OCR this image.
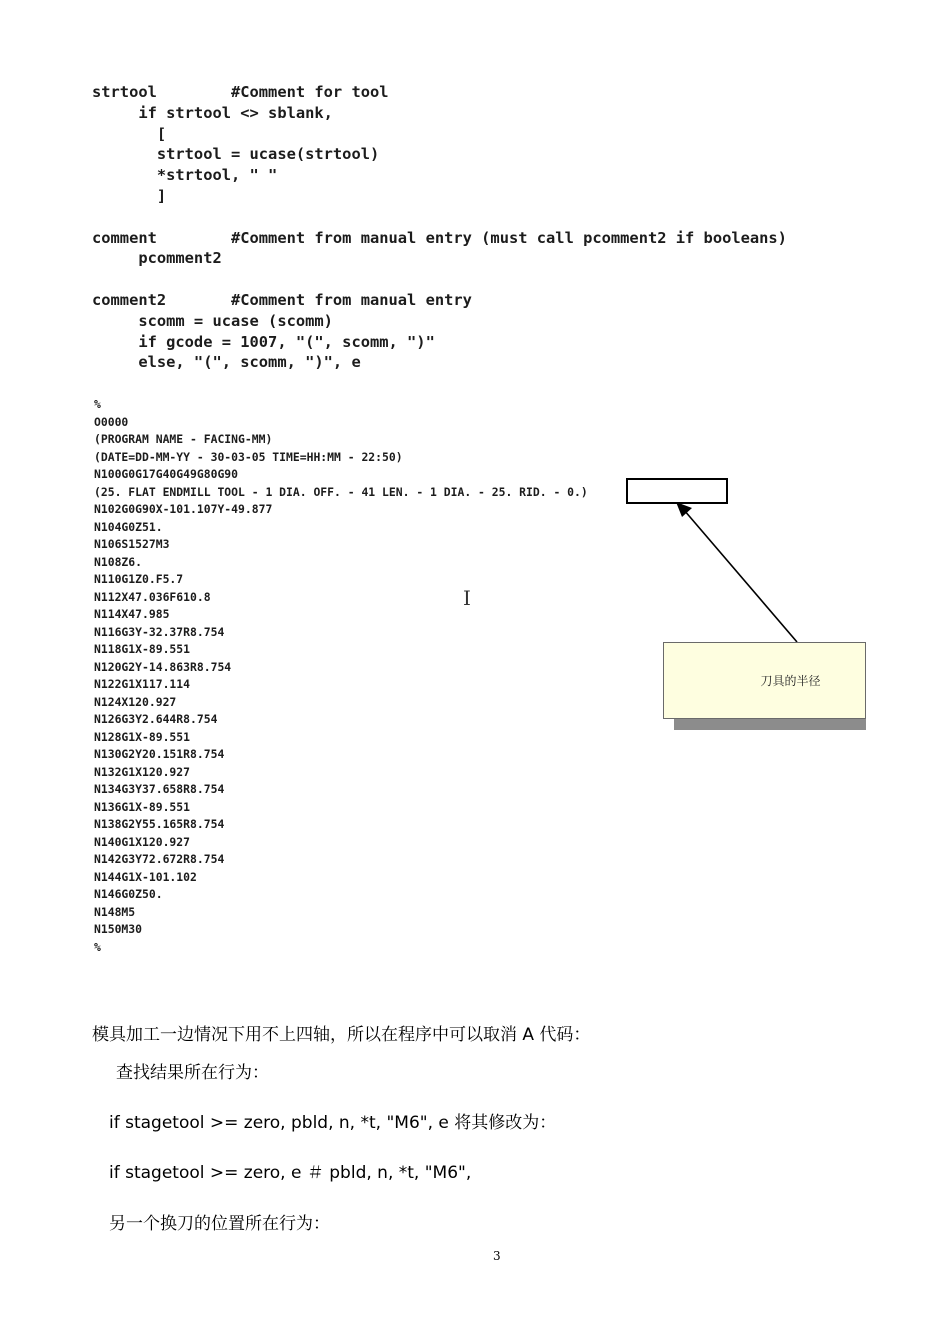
strtool        #Comment for tool
if strtool <> sblank,
[
strtool = ucase(strtool)
*strtool, " "
]
comment        #Comment from manual entry (must call pcomment2 if booleans)
pcomment2
comment2       #Comment from manual entry
scomm = ucase (scomm)
if gcode = 1007, "(", scomm, ")"
else, "(", scomm, ")", e
%
O0000
(PROGRAM NAME - FACING-MM)
(DATE=DD-MM-YY - 30-03-05 TIME=HH:MM - 22:50)
N100G0G17G40G49G80G90
(25. FLAT ENDMILL TOOL - 1 DIA. OFF. - 41 LEN. - 1 DIA. - 25. RID. - 0.)
N102G0G90X-101.107Y-49.877
N104G0Z51.
N106S1527M3
N108Z6.
N110G1Z0.F5.7
N112X47.036F610.8
N114X47.985
N116G3Y-32.37R8.754
N118G1X-89.551
N120G2Y-14.863R8.754
N122G1X117.114
N124X120.927
N126G3Y2.644R8.754
N128G1X-89.551
N130G2Y20.151R8.754
N132G1X120.927
N134G3Y37.658R8.754
N136G1X-89.551
N138G2Y55.165R8.754
N140G1X120.927
N142G3Y72.672R8.754
N144G1X-101.102
N146G0Z50.
N148M5
N150M30
%
刀具的半径
I

模具加工一边情况下用不上四轴，所以在程序中可以取消 A 代码：

查找结果所在行为：

if stagetool >= zero, pbld, n, *t, "M6", e 将其修改为：

if stagetool >= zero, e ＃ pbld, n, *t, "M6",

另一个换刀的位置所在行为：

3
